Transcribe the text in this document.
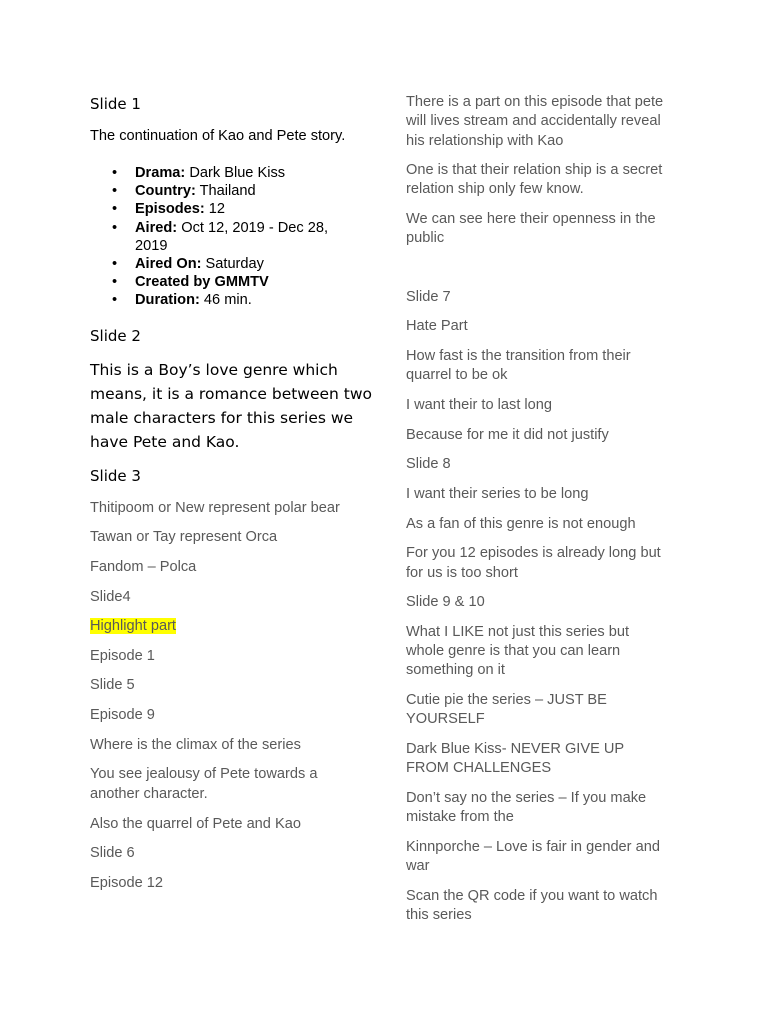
Slide 1

The continuation of Kao and Pete story.

• Drama: Dark Blue Kiss
• Country: Thailand
• Episodes: 12
• Aired: Oct 12, 2019 - Dec 28,
2019
• Aired On: Saturday
• Created by GMMTV
• Duration: 46 min.

Slide 2

This is a Boy’s love genre which

means, it is a romance between two

male characters for this series we

have Pete and Kao.

Slide 3

Thitipoom or New represent polar bear

Tawan or Tay represent Orca

Fandom – Polca

Slide4

Highlight part

Episode 1

Slide 5

Episode 9

Where is the climax of the series

You see jealousy of Pete towards a

another character.

Also the quarrel of Pete and Kao

Slide 6

Episode 12

There is a part on this episode that pete

will lives stream and accidentally reveal

his relationship with Kao

One is that their relation ship is a secret

relation ship only few know.

We can see here their openness in the

public

Slide 7

Hate Part

How fast is the transition from their

quarrel to be ok

I want their to last long

Because for me it did not justify

Slide 8

I want their series to be long

As a fan of this genre is not enough

For you 12 episodes is already long but

for us is too short

Slide 9 & 10

What I LIKE not just this series but

whole genre is that you can learn

something on it

Cutie pie the series – JUST BE

YOURSELF

Dark Blue Kiss- NEVER GIVE UP

FROM CHALLENGES

Don’t say no the series – If you make

mistake from the

Kinnporche – Love is fair in gender and

war

Scan the QR code if you want to watch

this series
